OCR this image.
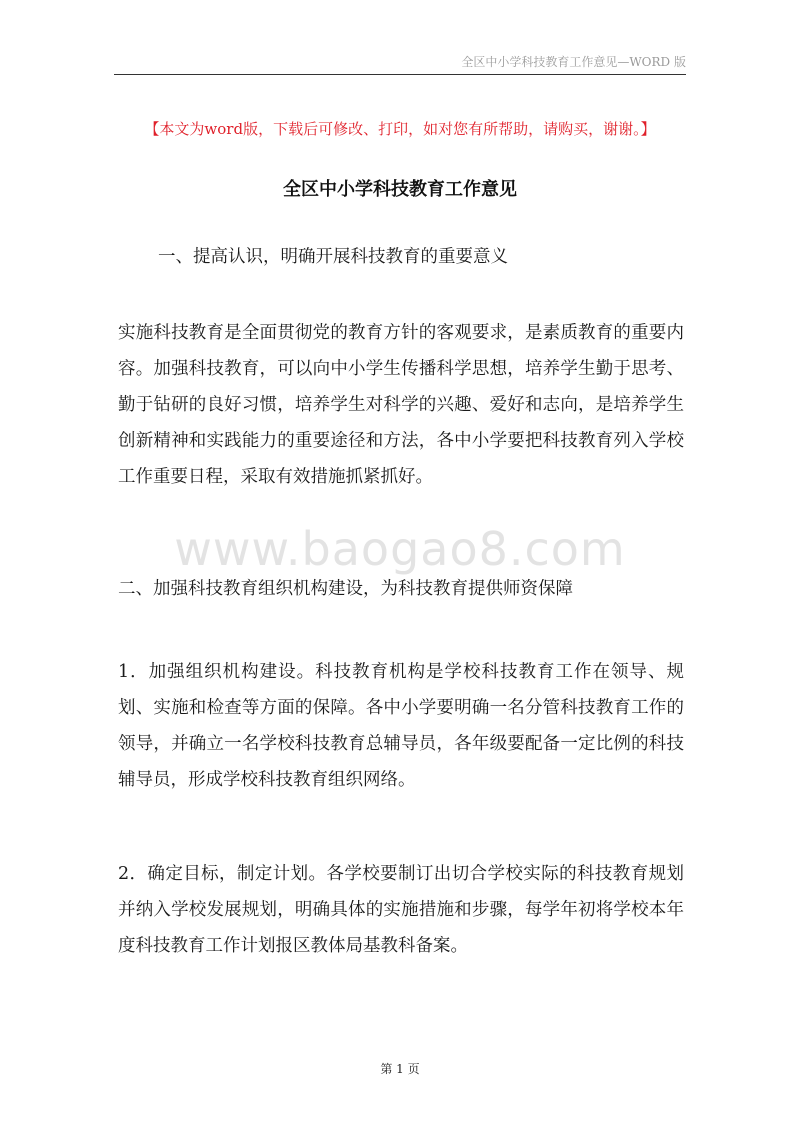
全区中小学科技教育工作意见—WORD 版
【本文为word版，下载后可修改、打印，如对您有所帮助，请购买，谢谢。】
全区中小学科技教育工作意见
一、提高认识，明确开展科技教育的重要意义
实施科技教育是全面贯彻党的教育方针的客观要求，是素质教育的重要内容。加强科技教育，可以向中小学生传播科学思想，培养学生勤于思考、勤于钻研的良好习惯，培养学生对科学的兴趣、爱好和志向，是培养学生创新精神和实践能力的重要途径和方法，各中小学要把科技教育列入学校工作重要日程，采取有效措施抓紧抓好。
www.baogao8.com
二、加强科技教育组织机构建设，为科技教育提供师资保障
1．加强组织机构建设。科技教育机构是学校科技教育工作在领导、规划、实施和检查等方面的保障。各中小学要明确一名分管科技教育工作的领导，并确立一名学校科技教育总辅导员，各年级要配备一定比例的科技辅导员，形成学校科技教育组织网络。
2．确定目标，制定计划。各学校要制订出切合学校实际的科技教育规划并纳入学校发展规划，明确具体的实施措施和步骤，每学年初将学校本年度科技教育工作计划报区教体局基教科备案。
第 1 页
